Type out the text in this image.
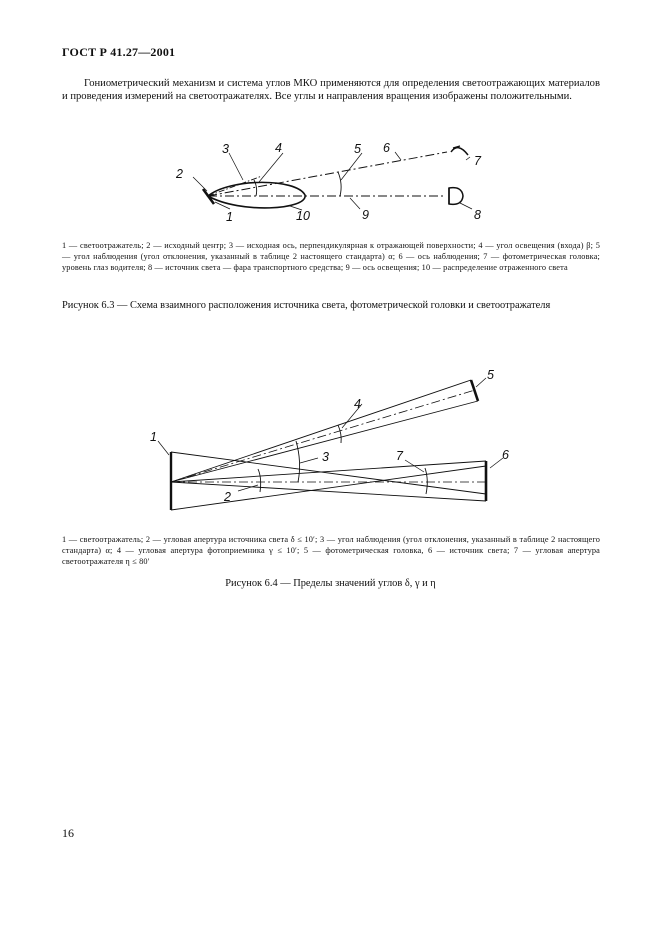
ГОСТ Р 41.27—2001
Гониометрический механизм и система углов МКО применяются для определения светоотражающих материалов и проведения измерений на светоотражателях. Все углы и направления вращения изображены положительными.
2
3	4	5 6
7
1	10	9	8
1 — светоотражатель; 2 — исходный центр; 3 — исходная ось, перпендикулярная к отражающей поверхности; 4 — угол освещения (входа) β; 5 — угол наблюдения (угол отклонения, указанный в таблице 2 настоящего стандарта) α; 6 — ось наблюдения; 7 — фотометрическая головка; уровень глаз водителя; 8 — источник света — фара транспортного средства; 9 — ось освещения; 10 — распределение отраженного света
Рисунок 6.3 — Схема взаимного расположения источника света, фотометрической головки и светоотражателя
1
4
5
3	7	6
2
1 — светоотражатель; 2 — угловая апертура источника света δ ≤ 10′; 3 — угол наблюдения (угол отклонения, указанный в таблице 2 настоящего стандарта) α; 4 — угловая апертура фотоприемника γ ≤ 10′; 5 — фотометрическая головка, 6 — источник света; 7 — угловая апертура светоотражателя η ≤ 80′
Рисунок 6.4 — Пределы значений углов δ, γ и η
16
